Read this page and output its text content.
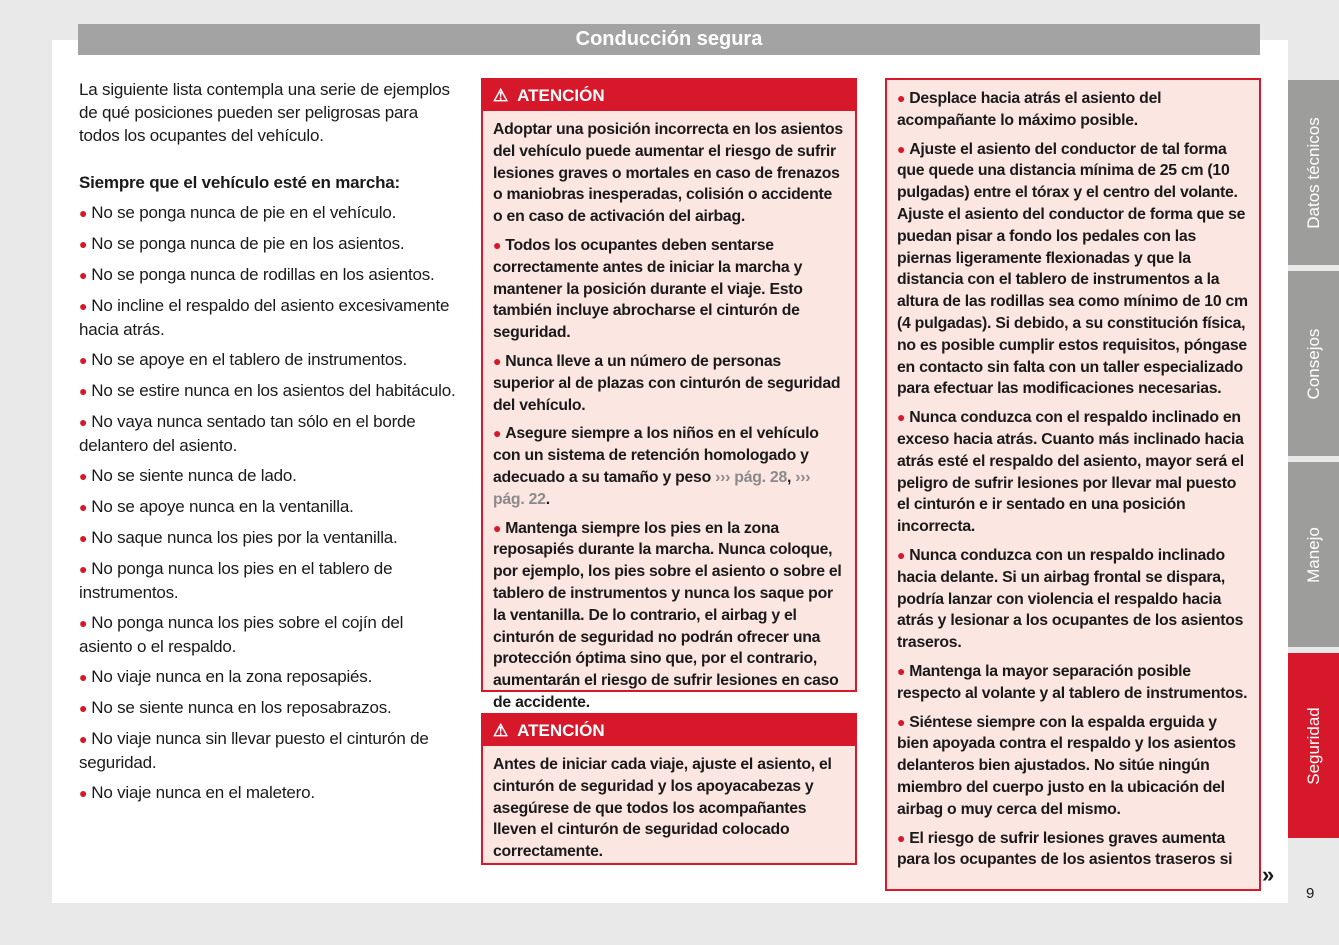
Conducción segura

La siguiente lista contempla una serie de ejemplos de qué posiciones pueden ser peligrosas para todos los ocupantes del vehículo.

Siempre que el vehículo esté en marcha:

● No se ponga nunca de pie en el vehículo.

● No se ponga nunca de pie en los asientos.

● No se ponga nunca de rodillas en los asientos.

● No incline el respaldo del asiento excesivamente hacia atrás.

● No se apoye en el tablero de instrumentos.

● No se estire nunca en los asientos del habitáculo.

● No vaya nunca sentado tan sólo en el borde delantero del asiento.

● No se siente nunca de lado.

● No se apoye nunca en la ventanilla.

● No saque nunca los pies por la ventanilla.

● No ponga nunca los pies en el tablero de instrumentos.

● No ponga nunca los pies sobre el cojín del asiento o el respaldo.

● No viaje nunca en la zona reposapiés.

● No se siente nunca en los reposabrazos.

● No viaje nunca sin llevar puesto el cinturón de seguridad.

● No viaje nunca en el maletero.

⚠ ATENCIÓN

Adoptar una posición incorrecta en los asientos del vehículo puede aumentar el riesgo de sufrir lesiones graves o mortales en caso de frenazos o maniobras inesperadas, colisión o accidente o en caso de activación del airbag.

● Todos los ocupantes deben sentarse correctamente antes de iniciar la marcha y mantener la posición durante el viaje. Esto también incluye abrocharse el cinturón de seguridad.

● Nunca lleve a un número de personas superior al de plazas con cinturón de seguridad del vehículo.

● Asegure siempre a los niños en el vehículo con un sistema de retención homologado y adecuado a su tamaño y peso ››› pág. 28, ››› pág. 22.

● Mantenga siempre los pies en la zona reposapiés durante la marcha. Nunca coloque, por ejemplo, los pies sobre el asiento o sobre el tablero de instrumentos y nunca los saque por la ventanilla. De lo contrario, el airbag y el cinturón de seguridad no podrán ofrecer una protección óptima sino que, por el contrario, aumentarán el riesgo de sufrir lesiones en caso de accidente.

⚠ ATENCIÓN

Antes de iniciar cada viaje, ajuste el asiento, el cinturón de seguridad y los apoyacabezas y asegúrese de que todos los acompañantes lleven el cinturón de seguridad colocado correctamente.

● Desplace hacia atrás el asiento del acompañante lo máximo posible.

● Ajuste el asiento del conductor de tal forma que quede una distancia mínima de 25 cm (10 pulgadas) entre el tórax y el centro del volante. Ajuste el asiento del conductor de forma que se puedan pisar a fondo los pedales con las piernas ligeramente flexionadas y que la distancia con el tablero de instrumentos a la altura de las rodillas sea como mínimo de 10 cm (4 pulgadas). Si debido, a su constitución física, no es posible cumplir estos requisitos, póngase en contacto sin falta con un taller especializado para efectuar las modificaciones necesarias.

● Nunca conduzca con el respaldo inclinado en exceso hacia atrás. Cuanto más inclinado hacia atrás esté el respaldo del asiento, mayor será el peligro de sufrir lesiones por llevar mal puesto el cinturón e ir sentado en una posición incorrecta.

● Nunca conduzca con un respaldo inclinado hacia delante. Si un airbag frontal se dispara, podría lanzar con violencia el respaldo hacia atrás y lesionar a los ocupantes de los asientos traseros.

● Mantenga la mayor separación posible respecto al volante y al tablero de instrumentos.

● Siéntese siempre con la espalda erguida y bien apoyada contra el respaldo y los asientos delanteros bien ajustados. No sitúe ningún miembro del cuerpo justo en la ubicación del airbag o muy cerca del mismo.

● El riesgo de sufrir lesiones graves aumenta para los ocupantes de los asientos traseros si

»
Datos técnicos
Consejos
Manejo
Seguridad
9
